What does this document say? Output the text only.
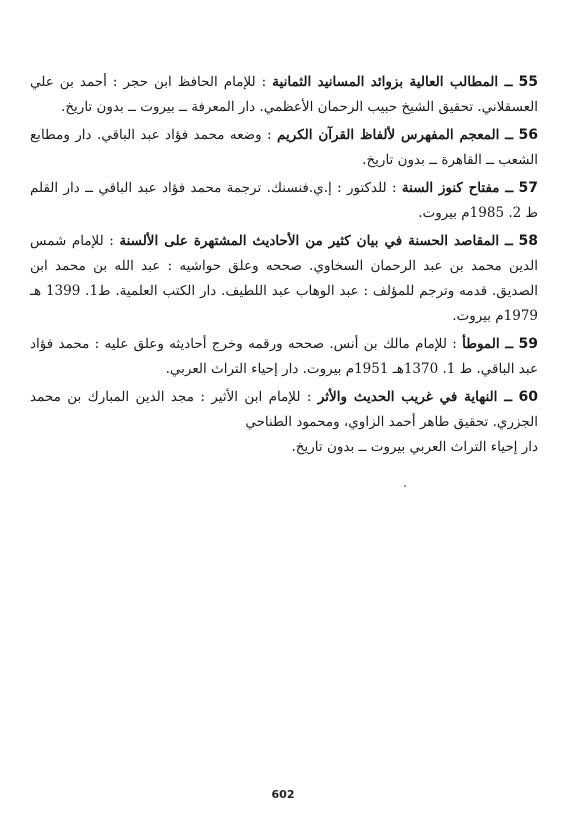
55 ــ المطالب العالية بزوائد المسانيد الثمانية : للإمام الحافظ ابن حجر : أحمد بن علي العسقلاني. تحقيق الشيخ حبيب الرحمان الأعظمي. دار المعرفة ــ بيروت ــ بدون تاريخ.

56 ــ المعجم المفهرس لألفاظ القرآن الكريم : وضعه محمد فؤاد عبد الباقي. دار ومطابع الشعب ــ القاهرة ــ بدون تاريخ.

57 ــ مفتاح كنوز السنة : للدكتور : إ.ي.فنسنك. ترجمة محمد فؤاد عبد الباقي ــ دار القلم ط 2. 1985م بيروت.

58 ــ المقاصد الحسنة في بيان كثير من الأحاديث المشتهرة على الألسنة : للإمام شمس الدين محمد بن عبد الرحمان السخاوي. صححه وعلق حواشيه : عبد الله بن محمد ابن الصديق. قدمه وترجم للمؤلف : عبد الوهاب عبد اللطيف. دار الكتب العلمية. ط1. 1399 هـ 1979م بيروت.

59 ــ الموطأ : للإمام مالك بن أنس. صححه ورقمه وخرج أحاديثه وعلق عليه : محمد فؤاد عبد الباقي. ط 1. 1370هـ 1951م بيروت. دار إحياء التراث العربي.

60 ــ النهاية في غريب الحديث والأثر : للإمام ابن الأثير : مجد الدين المبارك بن محمد الجزري. تحقيق طاهر أحمد الزاوي، ومحمود الطناحي
دار إحياء التراث العربي بيروت ــ بدون تاريخ.

602
